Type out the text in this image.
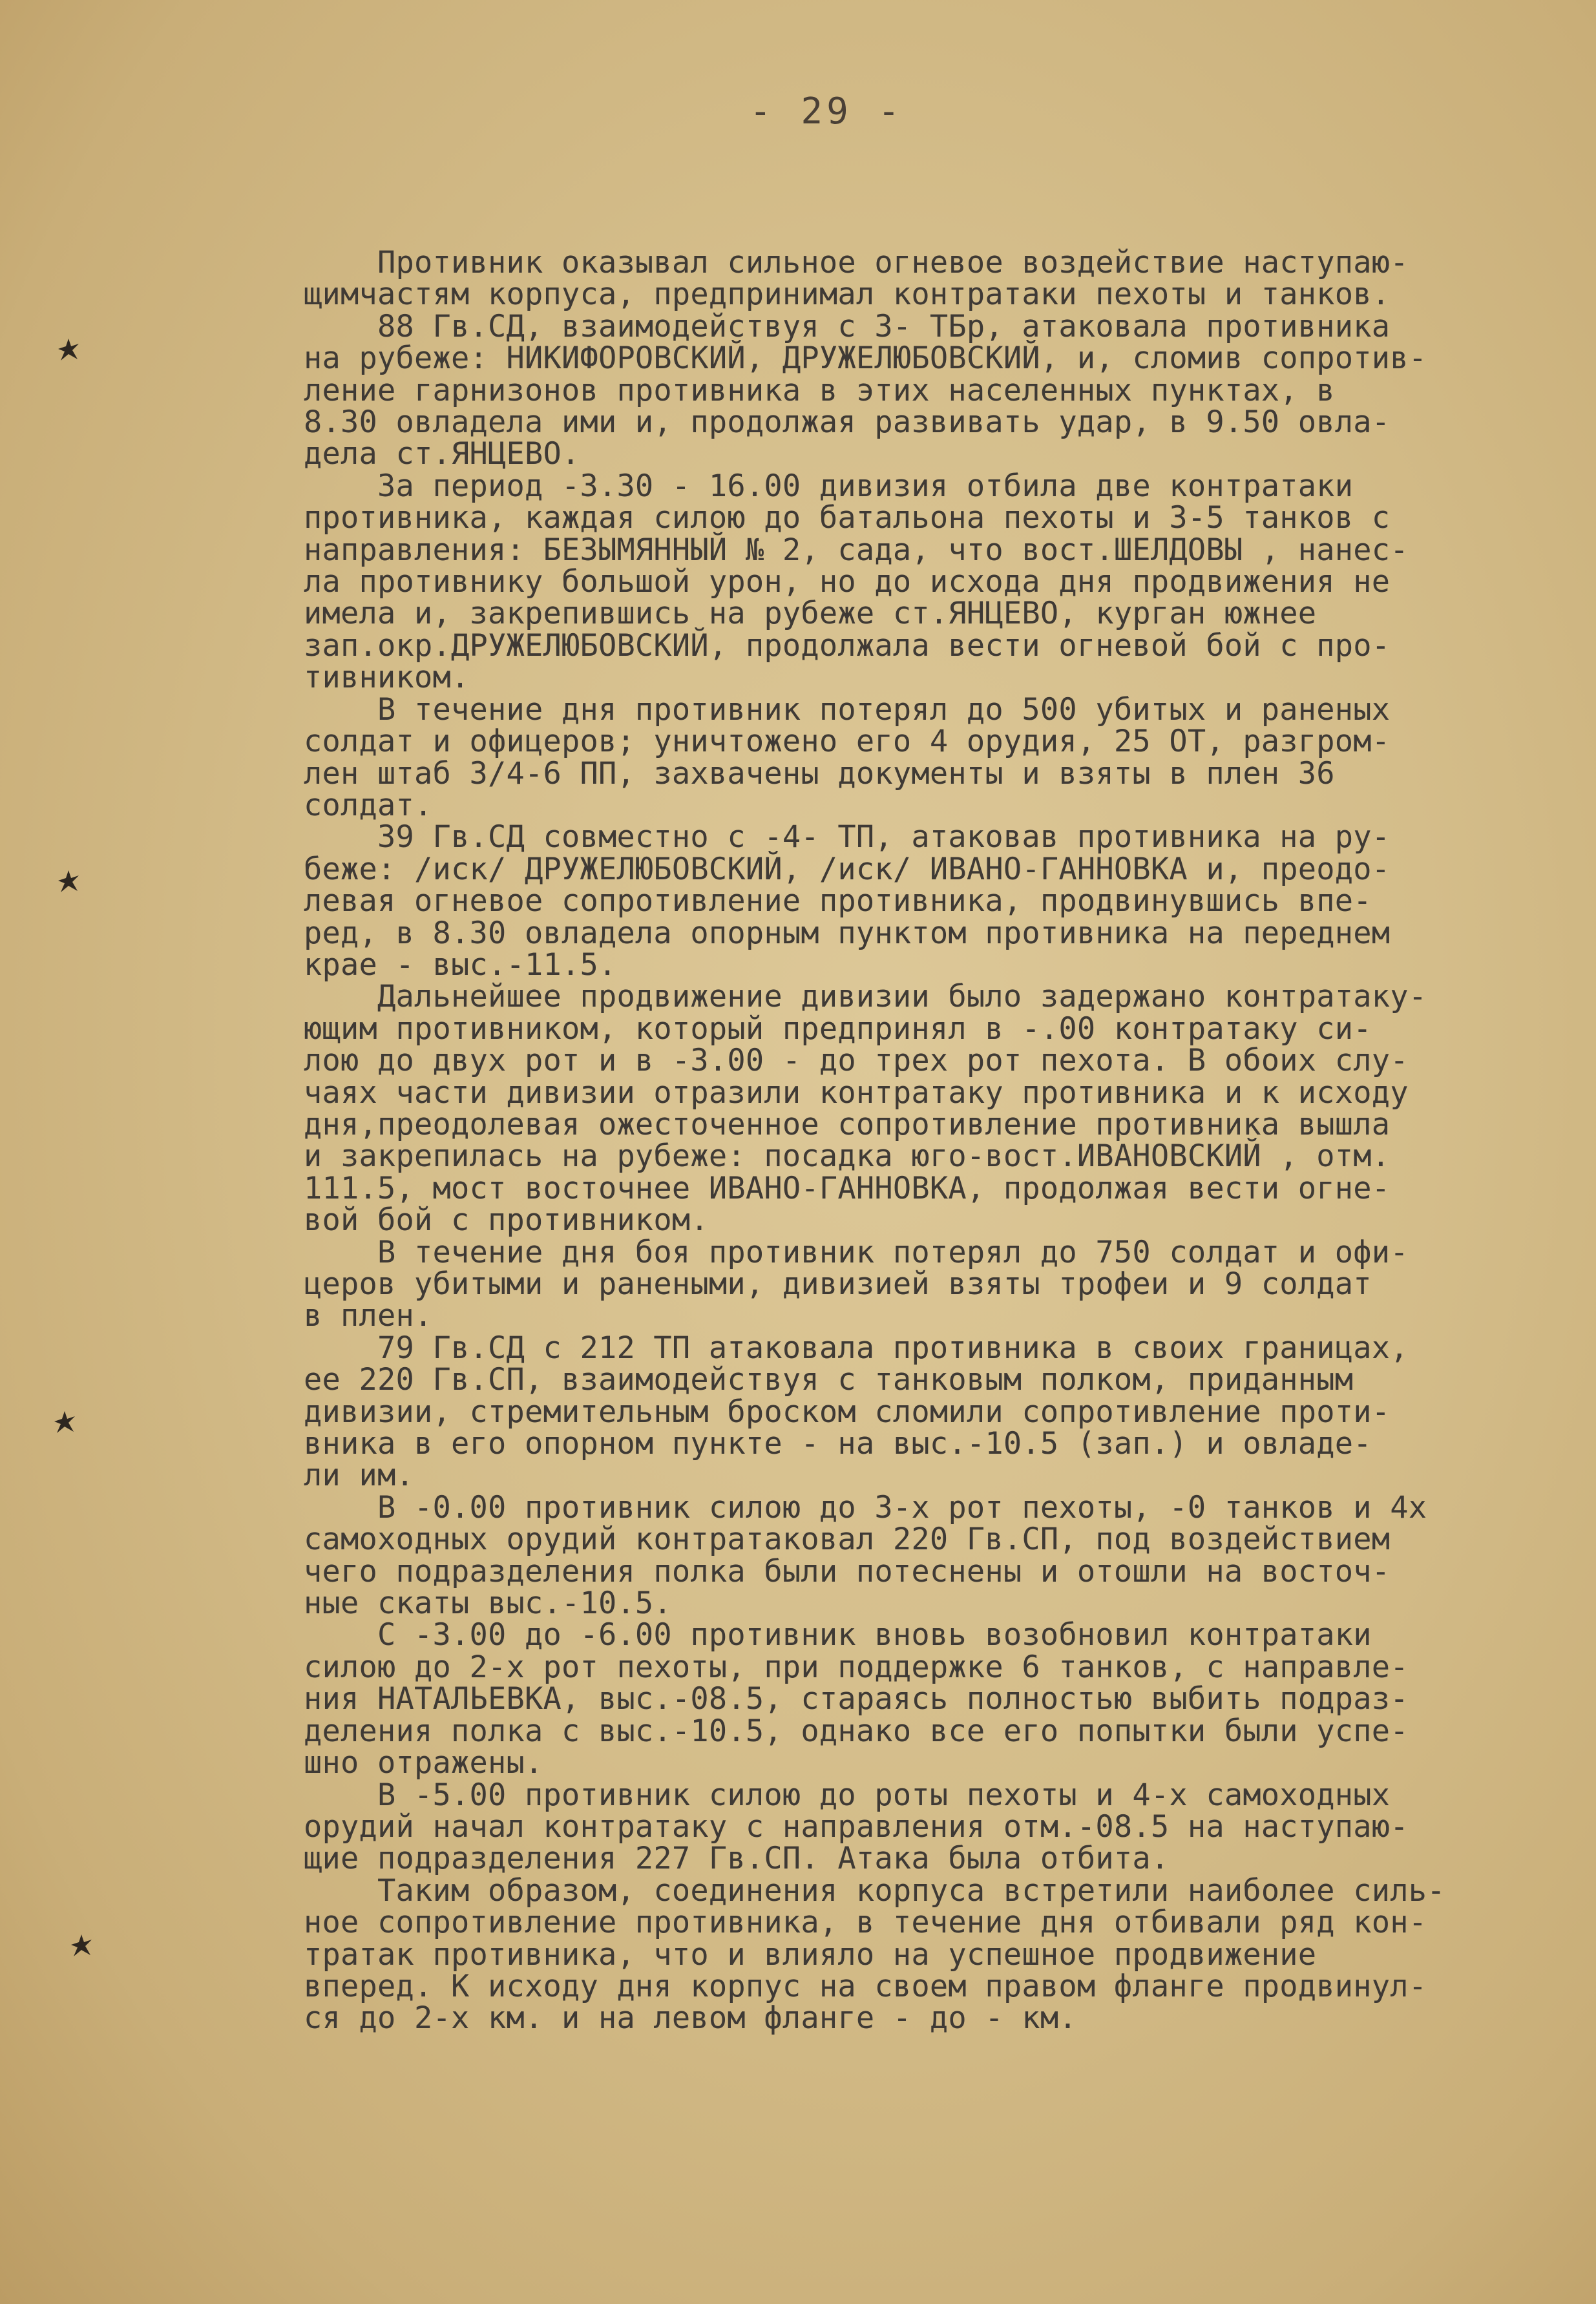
- 29 -
Противник оказывал сильное огневое воздействие наступаю-
щимчастям корпуса, предпринимал контратаки пехоты и танков.
88 Гв.СД, взаимодействуя с 3- ТБр, атаковала противника
на рубеже: НИКИФОРОВСКИЙ, ДРУЖЕЛЮБОВСКИЙ, и, сломив сопротив-
ление гарнизонов противника в этих населенных пунктах, в
8.30 овладела ими и, продолжая развивать удар, в 9.50 овла-
дела ст.ЯНЦЕВО.
За период -3.30 - 16.00 дивизия отбила две контратаки
противника, каждая силою до батальона пехоты и 3-5 танков с
направления: БЕЗЫМЯННЫЙ № 2, сада, что вост.ШЕЛДОВЫ , нанес-
ла противнику большой урон, но до исхода дня продвижения не
имела и, закрепившись на рубеже ст.ЯНЦЕВО, курган южнее
зап.окр.ДРУЖЕЛЮБОВСКИЙ, продолжала вести огневой бой с про-
тивником.
В течение дня противник потерял до 500 убитых и раненых
солдат и офицеров; уничтожено его 4 орудия, 25 ОТ, разгром-
лен штаб 3/4-6 ПП, захвачены документы и взяты в плен 36
солдат.
39 Гв.СД совместно с -4- ТП, атаковав противника на ру-
беже: /иск/ ДРУЖЕЛЮБОВСКИЙ, /иск/ ИВАНО-ГАННОВКА и, преодо-
левая огневое сопротивление противника, продвинувшись впе-
ред, в 8.30 овладела опорным пунктом противника на переднем
крае - выс.-11.5.
Дальнейшее продвижение дивизии было задержано контратаку-
ющим противником, который предпринял в -.00 контратаку си-
лою до двух рот и в -3.00 - до трех рот пехота. В обоих слу-
чаях части дивизии отразили контратаку противника и к исходу
дня,преодолевая ожесточенное сопротивление противника вышла
и закрепилась на рубеже: посадка юго-вост.ИВАНОВСКИЙ , отм.
111.5, мост восточнее ИВАНО-ГАННОВКА, продолжая вести огне-
вой бой с противником.
В течение дня боя противник потерял до 750 солдат и офи-
церов убитыми и ранеными, дивизией взяты трофеи и 9 солдат
в плен.
79 Гв.СД с 212 ТП атаковала противника в своих границах,
ее 220 Гв.СП, взаимодействуя с танковым полком, приданным
дивизии, стремительным броском сломили сопротивление проти-
вника в его опорном пункте - на выс.-10.5 (зап.) и овладе-
ли им.
В -0.00 противник силою до 3-х рот пехоты, -0 танков и 4х
самоходных орудий контратаковал 220 Гв.СП, под воздействием
чего подразделения полка были потеснены и отошли на восточ-
ные скаты выс.-10.5.
С -3.00 до -6.00 противник вновь возобновил контратаки
силою до 2-х рот пехоты, при поддержке 6 танков, с направле-
ния НАТАЛЬЕВКА, выс.-08.5, стараясь полностью выбить подраз-
деления полка с выс.-10.5, однако все его попытки были успе-
шно отражены.
В -5.00 противник силою до роты пехоты и 4-х самоходных
орудий начал контратаку с направления отм.-08.5 на наступаю-
щие подразделения 227 Гв.СП. Атака была отбита.
Таким образом, соединения корпуса встретили наиболее силь-
ное сопротивление противника, в течение дня отбивали ряд кон-
тратак противника, что и влияло на успешное продвижение
вперед. К исходу дня корпус на своем правом фланге продвинул-
ся до 2-х км. и на левом фланге - до - км.
